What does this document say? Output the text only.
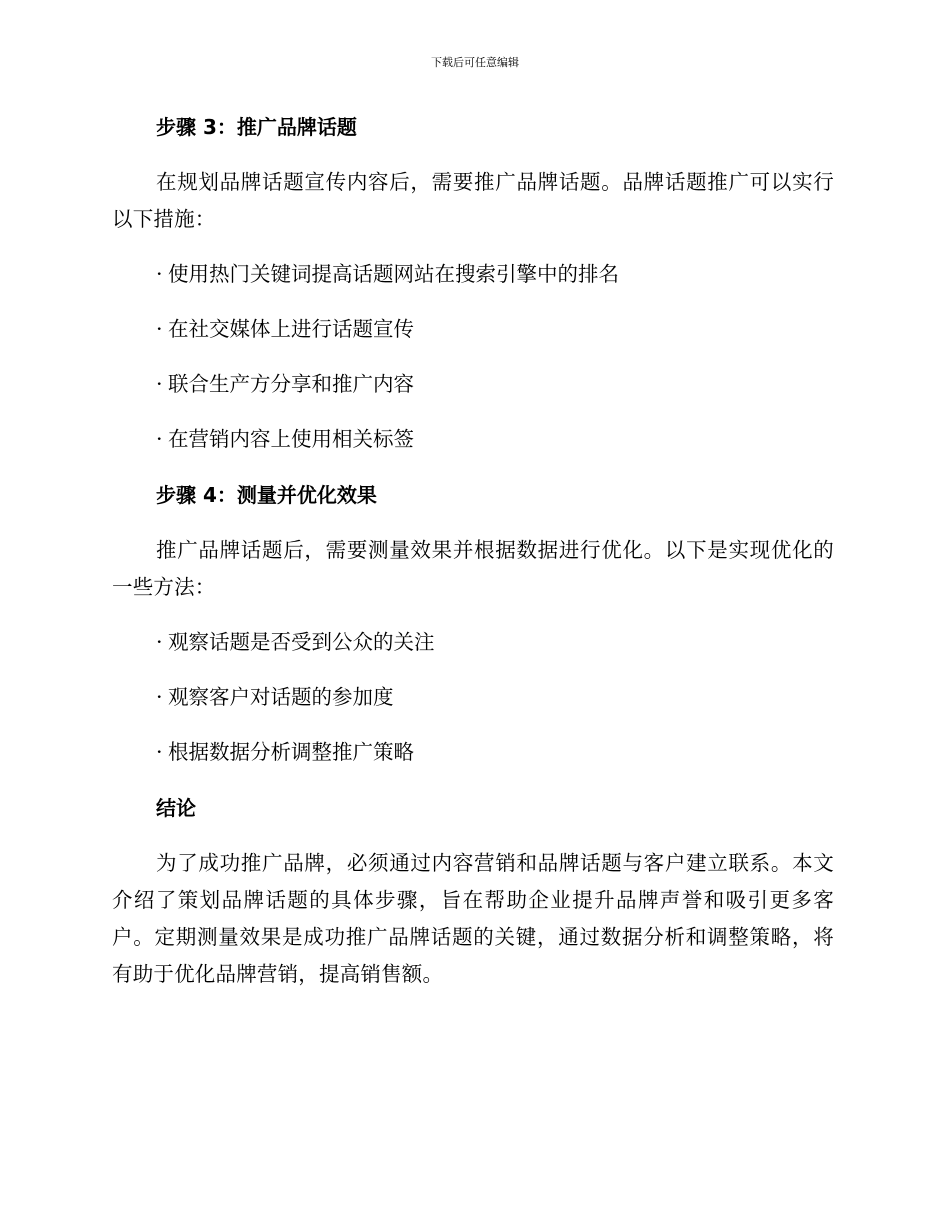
下载后可任意编辑
步骤 3：推广品牌话题

在规划品牌话题宣传内容后，需要推广品牌话题。品牌话题推广可以实行以下措施：

· 使用热门关键词提高话题网站在搜索引擎中的排名

· 在社交媒体上进行话题宣传

· 联合生产方分享和推广内容

· 在营销内容上使用相关标签

步骤 4：测量并优化效果

推广品牌话题后，需要测量效果并根据数据进行优化。以下是实现优化的一些方法：

· 观察话题是否受到公众的关注

· 观察客户对话题的参加度

· 根据数据分析调整推广策略

结论

为了成功推广品牌，必须通过内容营销和品牌话题与客户建立联系。本文介绍了策划品牌话题的具体步骤，旨在帮助企业提升品牌声誉和吸引更多客户。定期测量效果是成功推广品牌话题的关键，通过数据分析和调整策略，将有助于优化品牌营销，提高销售额。
